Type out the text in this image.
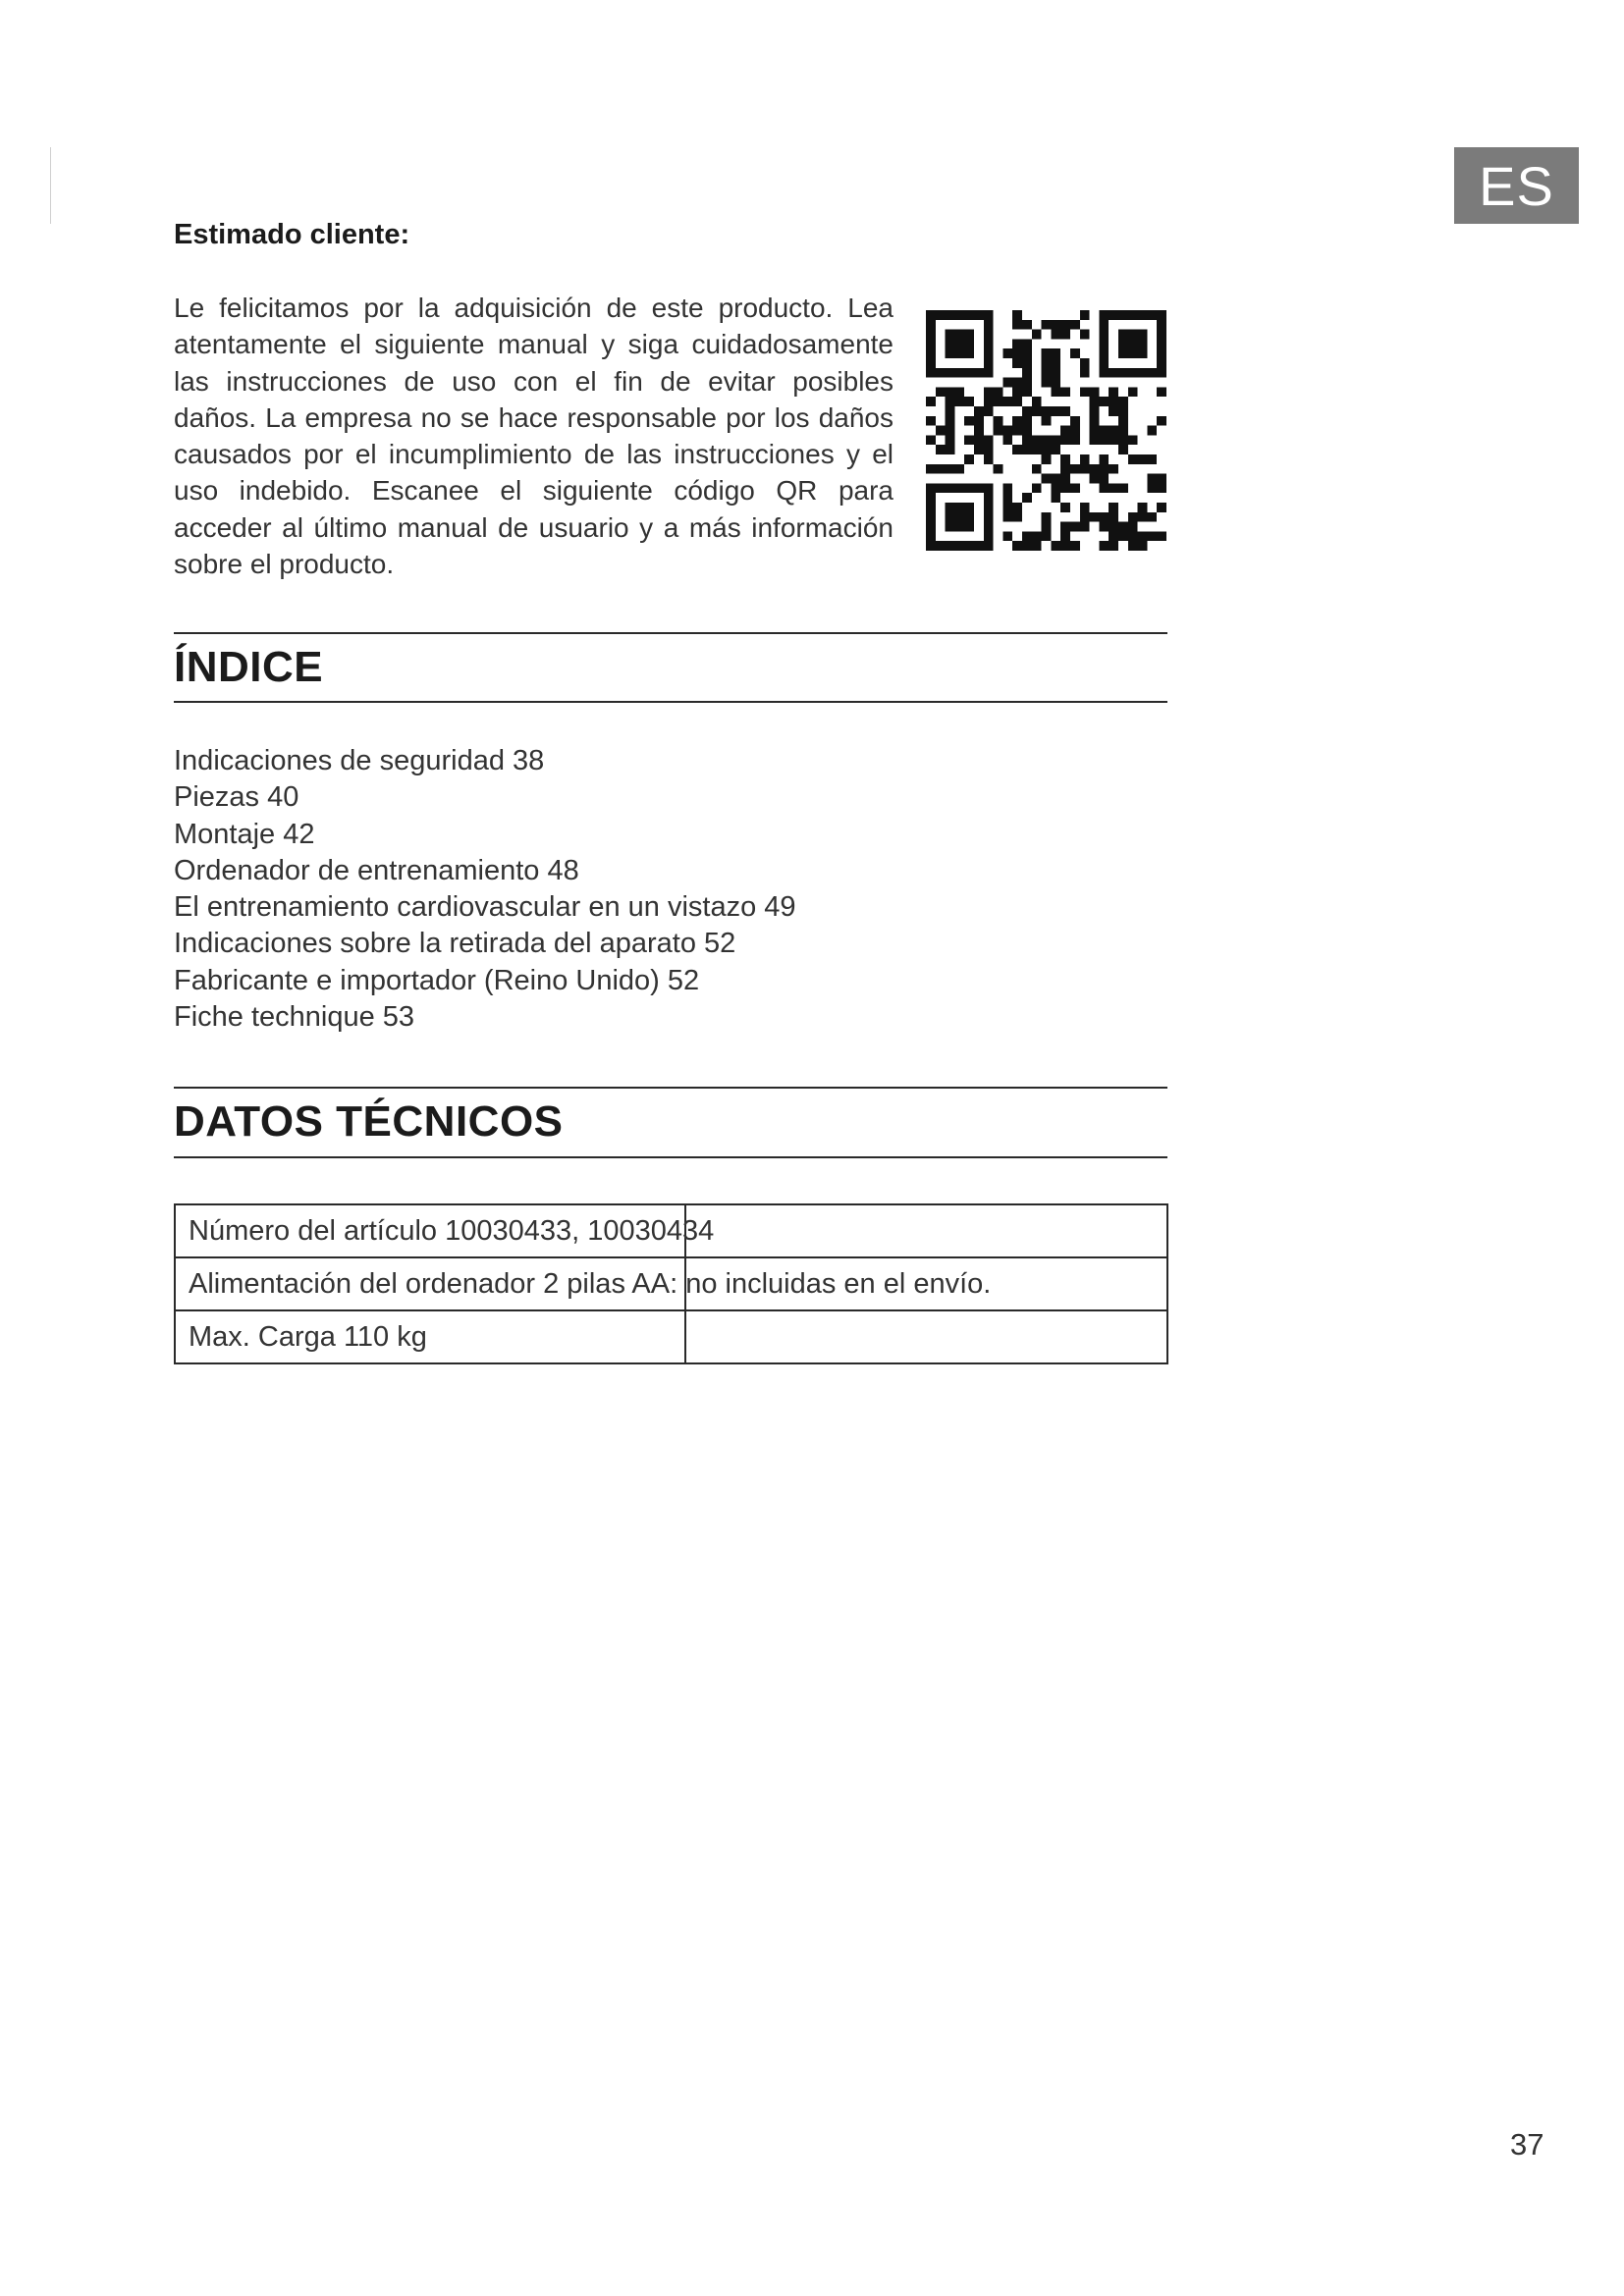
ES
Estimado cliente:
Le felicitamos por la adquisición de este producto. Lea atentamente el siguiente manual y siga cuidadosamente las instrucciones de uso con el fin de evitar posibles daños. La empresa no se hace responsable por los daños causados por el incumplimiento de las instrucciones y el uso indebido. Escanee el siguiente código QR para acceder al último manual de usuario y a más información sobre el producto.
ÍNDICE
Indicaciones de seguridad 38
Piezas 40
Montaje 42
Ordenador de entrenamiento 48
El entrenamiento cardiovascular en un vistazo 49
Indicaciones sobre la retirada del aparato 52
Fabricante e importador (Reino Unido) 52
Fiche technique 53
DATOS TÉCNICOS
Número del artículo 10030433, 10030434	
Alimentación del ordenador 2 pilas AA: no incluidas en el envío.	
Max. Carga 110 kg	
37
